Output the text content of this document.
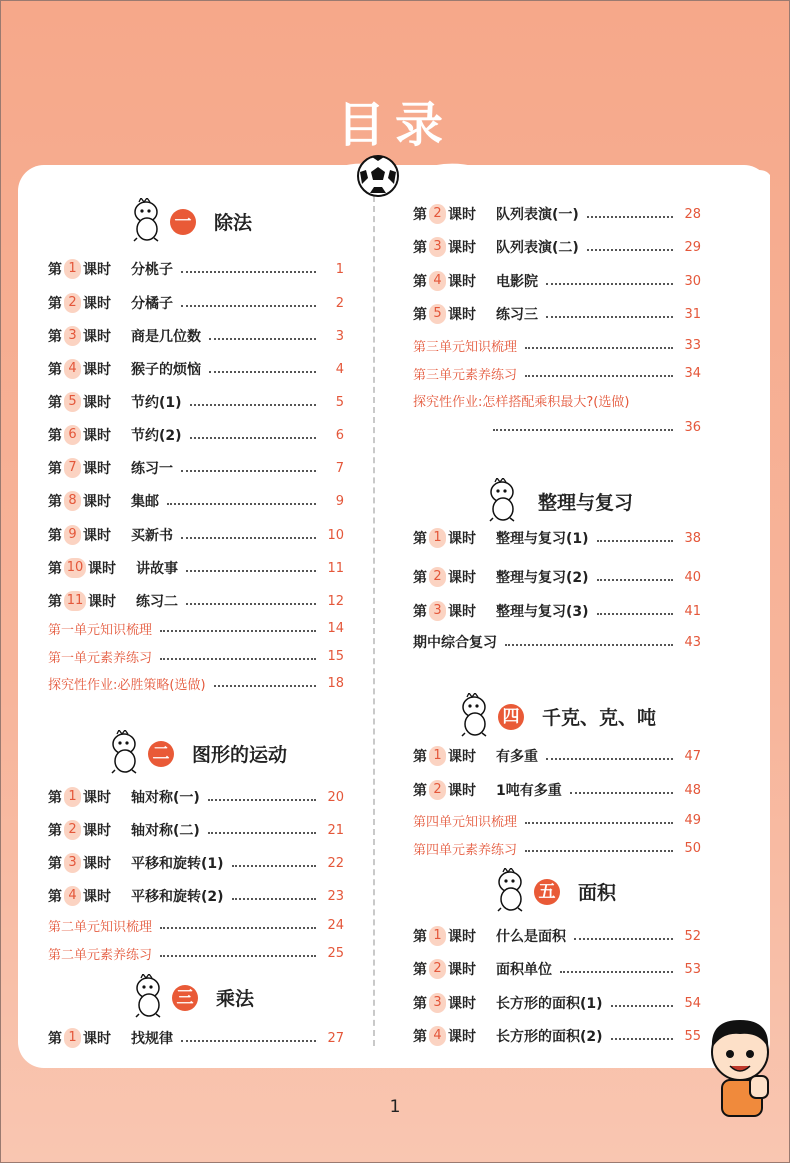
目录
一 除法
第 1 课时 分桃子	1
第 2 课时 分橘子	2
第 3 课时 商是几位数	3
第 4 课时 猴子的烦恼	4
第 5 课时 节约(1)	5
第 6 课时 节约(2)	6
第 7 课时 练习一	7
第 8 课时 集邮	9
第 9 课时 买新书	10
第 10 课时 讲故事	11
第 11 课时 练习二	12
第一单元知识梳理	14
第一单元素养练习	15
探究性作业:必胜策略(选做)	18
二 图形的运动
第 1 课时 轴对称(一)	20
第 2 课时 轴对称(二)	21
第 3 课时 平移和旋转(1)	22
第 4 课时 平移和旋转(2)	23
第二单元知识梳理	24
第二单元素养练习	25
三 乘法
第 1 课时 找规律	27
第 2 课时 队列表演(一)	28
第 3 课时 队列表演(二)	29
第 4 课时 电影院	30
第 5 课时 练习三	31
第三单元知识梳理	33
第三单元素养练习	34
探究性作业:怎样搭配乘积最大?(选做)
36
整理与复习
第 1 课时 整理与复习(1)	38
第 2 课时 整理与复习(2)	40
第 3 课时 整理与复习(3)	41
期中综合复习	43
四 千克、克、吨
第 1 课时 有多重	47
第 2 课时 1吨有多重	48
第四单元知识梳理	49
第四单元素养练习	50
五 面积
第 1 课时 什么是面积	52
第 2 课时 面积单位	53
第 3 课时 长方形的面积(1)	54
第 4 课时 长方形的面积(2)	55
1
